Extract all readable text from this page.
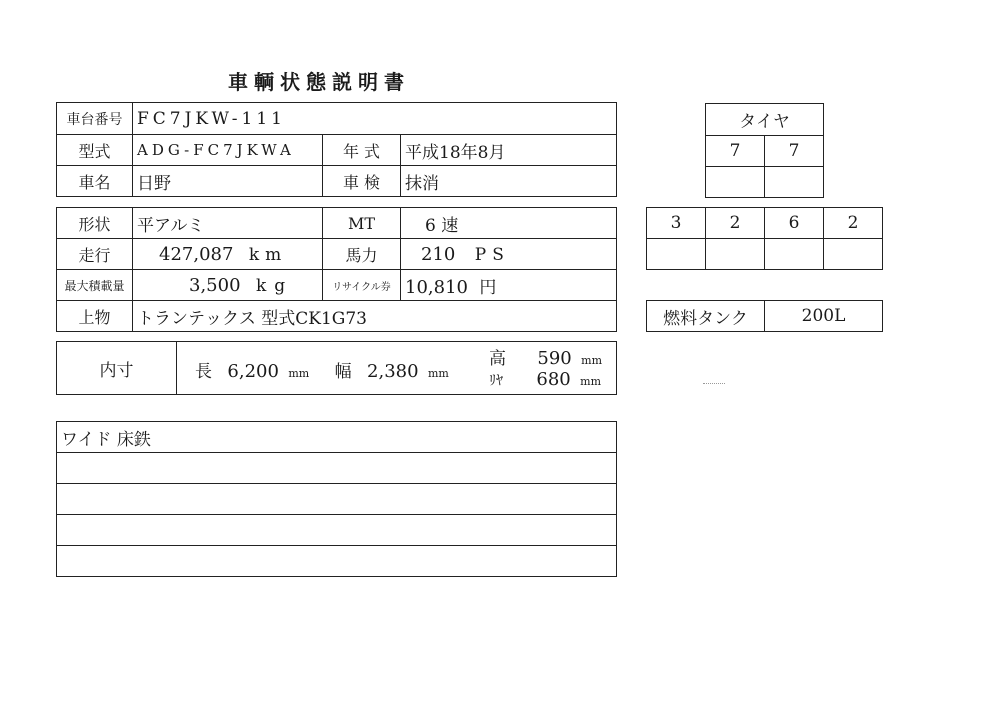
車輌状態説明書
車台番号	FC7JKW-111		
型式	ADG-FC7JKWA	年 式	平成18年8月
車名	日野	車 検	抹消
形状	平アルミ	MT	6 速
走行	427,087 km	馬力	210 PS
最大積載量	3,500 kg	リサイクル券	10,810 円
上物	トランテックス 型式CK1G73		
内寸	長 6,200 mm 幅 2,380 mm
高 590 mm
ﾘﾔ 680 mm
ワイド 床鉄

タイヤ	
7	7

3	2	6	2

燃料タンク	200L
